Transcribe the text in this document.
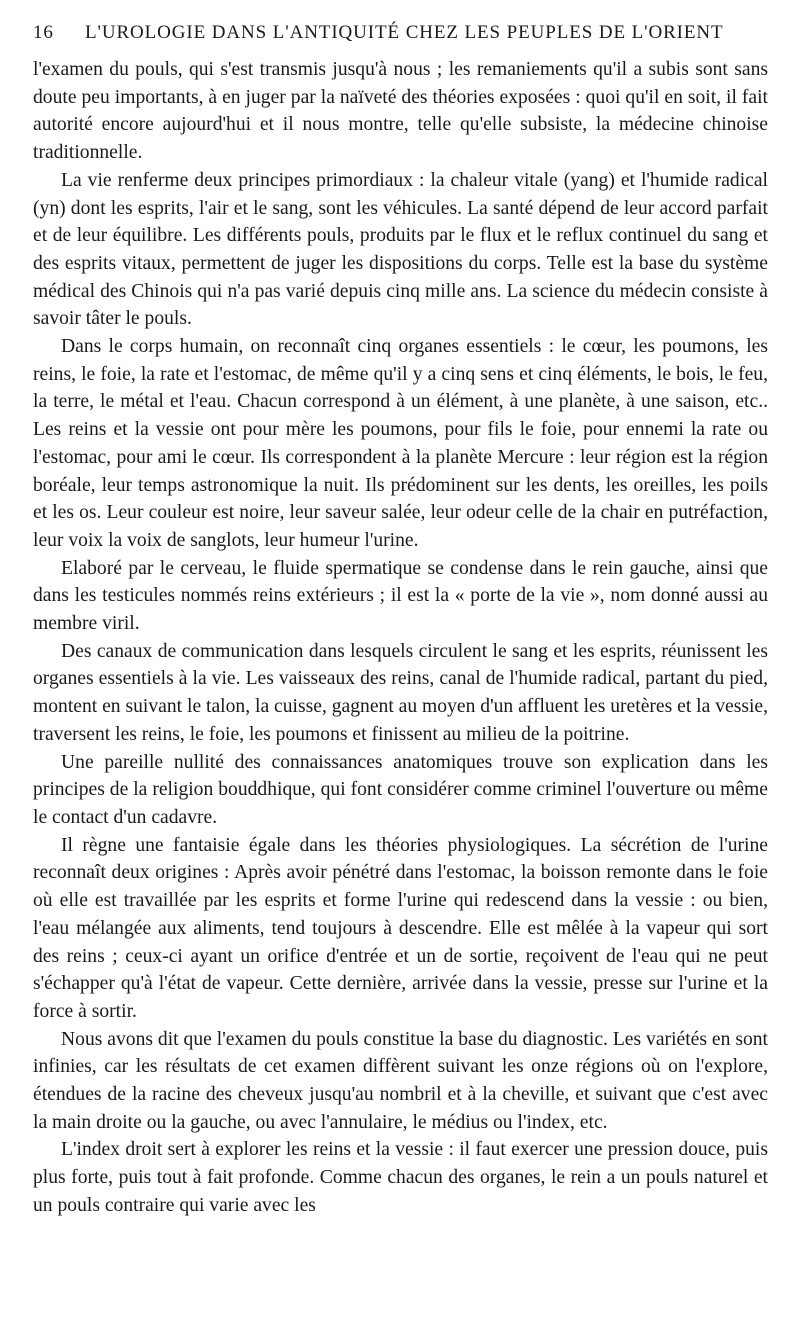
16	L'UROLOGIE DANS L'ANTIQUITÉ CHEZ LES PEUPLES DE L'ORIENT

l'examen du pouls, qui s'est transmis jusqu'à nous ; les remaniements qu'il a subis sont sans doute peu importants, à en juger par la naïveté des théories exposées : quoi qu'il en soit, il fait autorité encore aujourd'hui et il nous montre, telle qu'elle subsiste, la médecine chinoise traditionnelle.

La vie renferme deux principes primordiaux : la chaleur vitale (yang) et l'humide radical (yn) dont les esprits, l'air et le sang, sont les véhicules. La santé dépend de leur accord parfait et de leur équilibre. Les différents pouls, produits par le flux et le reflux continuel du sang et des esprits vitaux, permettent de juger les dispositions du corps. Telle est la base du système médical des Chinois qui n'a pas varié depuis cinq mille ans. La science du médecin consiste à savoir tâter le pouls.

Dans le corps humain, on reconnaît cinq organes essentiels : le cœur, les poumons, les reins, le foie, la rate et l'estomac, de même qu'il y a cinq sens et cinq éléments, le bois, le feu, la terre, le métal et l'eau. Chacun correspond à un élément, à une planète, à une saison, etc.. Les reins et la vessie ont pour mère les poumons, pour fils le foie, pour ennemi la rate ou l'estomac, pour ami le cœur. Ils correspondent à la planète Mercure : leur région est la région boréale, leur temps astronomique la nuit. Ils prédominent sur les dents, les oreilles, les poils et les os. Leur couleur est noire, leur saveur salée, leur odeur celle de la chair en putréfaction, leur voix la voix de sanglots, leur humeur l'urine.

Elaboré par le cerveau, le fluide spermatique se condense dans le rein gauche, ainsi que dans les testicules nommés reins extérieurs ; il est la « porte de la vie », nom donné aussi au membre viril.

Des canaux de communication dans lesquels circulent le sang et les esprits, réunissent les organes essentiels à la vie. Les vaisseaux des reins, canal de l'humide radical, partant du pied, montent en suivant le talon, la cuisse, gagnent au moyen d'un affluent les uretères et la vessie, traversent les reins, le foie, les poumons et finissent au milieu de la poitrine.

Une pareille nullité des connaissances anatomiques trouve son explication dans les principes de la religion bouddhique, qui font considérer comme criminel l'ouverture ou même le contact d'un cadavre.

Il règne une fantaisie égale dans les théories physiologiques. La sécrétion de l'urine reconnaît deux origines : Après avoir pénétré dans l'estomac, la boisson remonte dans le foie où elle est travaillée par les esprits et forme l'urine qui redescend dans la vessie : ou bien, l'eau mélangée aux aliments, tend toujours à descendre. Elle est mêlée à la vapeur qui sort des reins ; ceux-ci ayant un orifice d'entrée et un de sortie, reçoivent de l'eau qui ne peut s'échapper qu'à l'état de vapeur. Cette dernière, arrivée dans la vessie, presse sur l'urine et la force à sortir.

Nous avons dit que l'examen du pouls constitue la base du diagnostic. Les variétés en sont infinies, car les résultats de cet examen diffèrent suivant les onze régions où on l'explore, étendues de la racine des cheveux jusqu'au nombril et à la cheville, et suivant que c'est avec la main droite ou la gauche, ou avec l'annulaire, le médius ou l'index, etc.

L'index droit sert à explorer les reins et la vessie : il faut exercer une pression douce, puis plus forte, puis tout à fait profonde. Comme chacun des organes, le rein a un pouls naturel et un pouls contraire qui varie avec les
